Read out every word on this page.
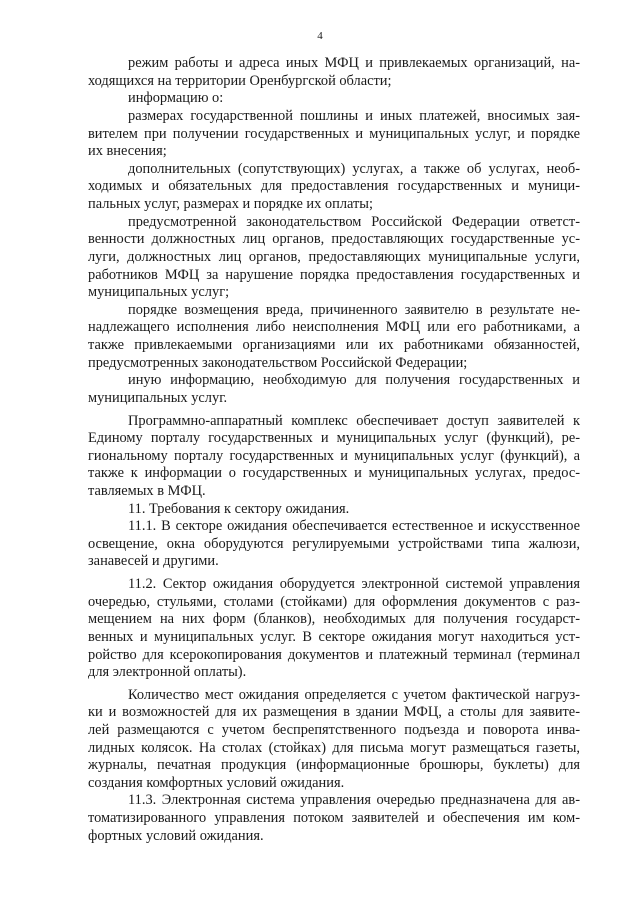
4
режим работы и адреса иных МФЦ и привлекаемых организаций, на-
ходящихся на территории Оренбургской области;
информацию о:
размерах государственной пошлины и иных платежей, вносимых зая-
вителем при получении государственных и муниципальных услуг, и порядке
их внесения;
дополнительных (сопутствующих) услугах, а также об услугах, необ-
ходимых и обязательных для предоставления государственных и муници-
пальных услуг, размерах и порядке их оплаты;
предусмотренной законодательством Российской Федерации ответст-
венности должностных лиц органов, предоставляющих государственные ус-
луги, должностных лиц органов, предоставляющих муниципальные услуги,
работников МФЦ за нарушение порядка предоставления государственных и
муниципальных услуг;
порядке возмещения вреда, причиненного заявителю в результате не-
надлежащего исполнения либо неисполнения МФЦ или его работниками, а
также привлекаемыми организациями или их работниками обязанностей,
предусмотренных законодательством Российской Федерации;
иную информацию, необходимую для получения государственных и
муниципальных услуг.
Программно-аппаратный комплекс обеспечивает доступ заявителей к
Единому порталу государственных и муниципальных услуг (функций), ре-
гиональному порталу государственных и муниципальных услуг (функций), а
также к информации о государственных и муниципальных услугах, предос-
тавляемых в МФЦ.
11. Требования к сектору ожидания.
11.1. В секторе ожидания обеспечивается естественное и искусственное
освещение, окна оборудуются регулируемыми устройствами типа жалюзи,
занавесей и другими.
11.2. Сектор ожидания оборудуется электронной системой управления
очередью, стульями, столами (стойками) для оформления документов с раз-
мещением на них форм (бланков), необходимых для получения государст-
венных и муниципальных услуг. В секторе ожидания могут находиться уст-
ройство для ксерокопирования документов и платежный терминал (терминал
для электронной оплаты).
Количество мест ожидания определяется с учетом фактической нагруз-
ки и возможностей для их размещения в здании МФЦ, а столы для заявите-
лей размещаются с учетом беспрепятственного подъезда и поворота инва-
лидных колясок. На столах (стойках) для письма могут размещаться газеты,
журналы, печатная продукция (информационные брошюры, буклеты) для
создания комфортных условий ожидания.
11.3. Электронная система управления очередью предназначена для ав-
томатизированного управления потоком заявителей и обеспечения им ком-
фортных условий ожидания.
